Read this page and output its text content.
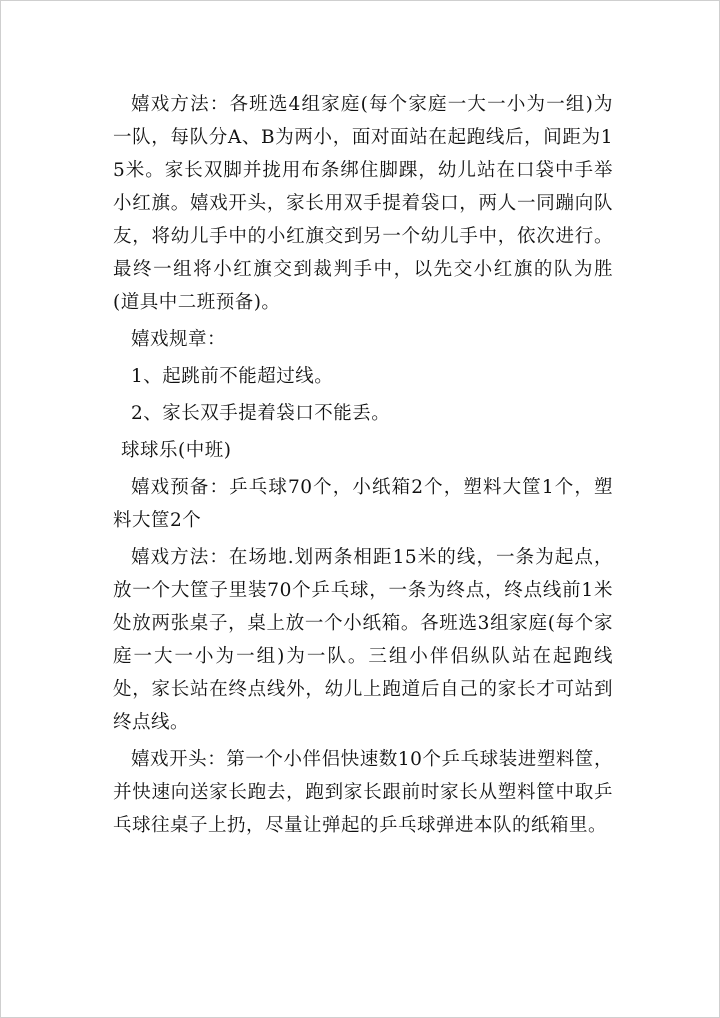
嬉戏方法：各班选4组家庭(每个家庭一大一小为一组)为一队，每队分A、B为两小，面对面站在起跑线后，间距为15米。家长双脚并拢用布条绑住脚踝，幼儿站在口袋中手举小红旗。嬉戏开头，家长用双手提着袋口，两人一同蹦向队友，将幼儿手中的小红旗交到另一个幼儿手中，依次进行。最终一组将小红旗交到裁判手中，以先交小红旗的队为胜(道具中二班预备)。

嬉戏规章：

1、起跳前不能超过线。

2、家长双手提着袋口不能丢。

球球乐(中班)

嬉戏预备：乒乓球70个，小纸箱2个，塑料大筐1个，塑料大筐2个

嬉戏方法：在场地.划两条相距15米的线，一条为起点，放一个大筐子里装70个乒乓球，一条为终点，终点线前1米处放两张桌子，桌上放一个小纸箱。各班选3组家庭(每个家庭一大一小为一组)为一队。三组小伴侣纵队站在起跑线处，家长站在终点线外，幼儿上跑道后自己的家长才可站到终点线。

嬉戏开头：第一个小伴侣快速数10个乒乓球装进塑料筐，并快速向送家长跑去，跑到家长跟前时家长从塑料筐中取乒乓球往桌子上扔，尽量让弹起的乒乓球弹进本队的纸箱里。
